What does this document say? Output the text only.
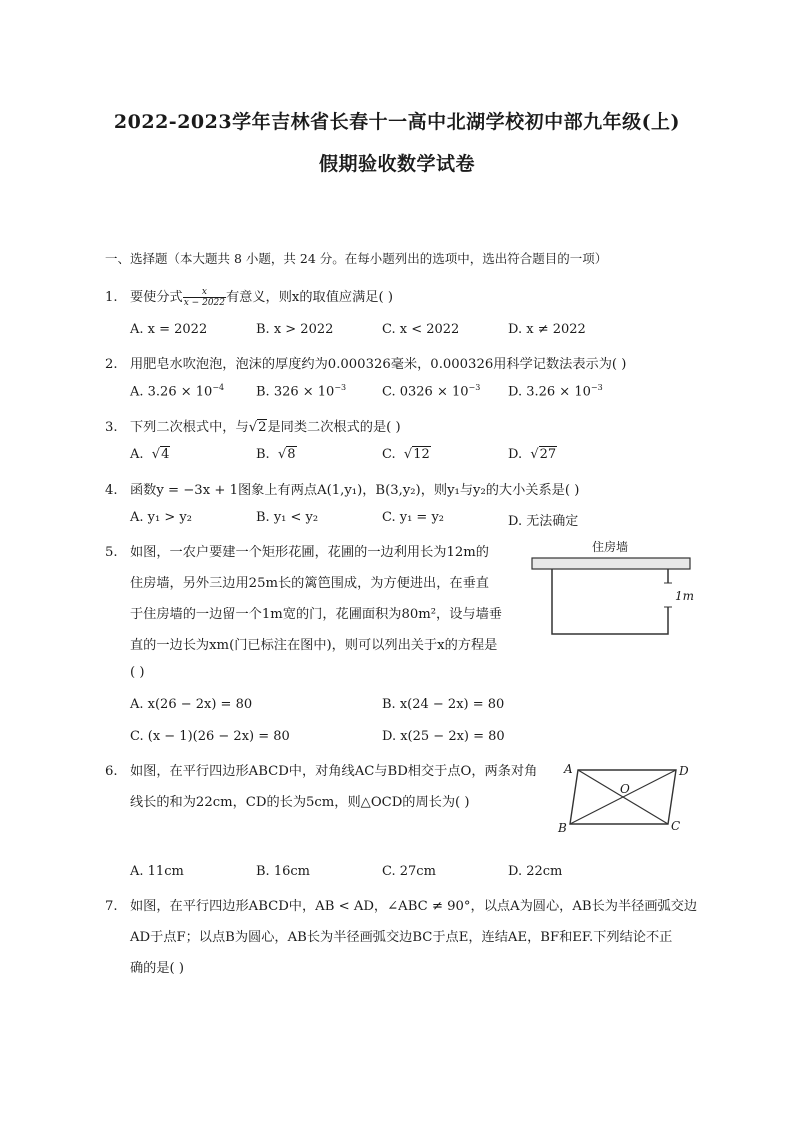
2022-2023学年吉林省长春十一高中北湖学校初中部九年级(上)
假期验收数学试卷
一、选择题（本大题共 8 小题，共 24 分。在每小题列出的选项中，选出符合题目的一项）
1. 要使分式 $\frac{x}{x - 2022}$ 有意义，则x的取值应满足( )
A. x = 2022	B. x > 2022	C. x < 2022	D. x ≠ 2022
2. 用肥皂水吹泡泡，泡沫的厚度约为0.000326毫米，0.000326用科学记数法表示为( )
A. $3.26 \times 10^{-4}$ B. $326 \times 10^{-3}$	C. $0326 \times 10^{-3}$ D. $3.26 \times 10^{-3}$
3. 下列二次根式中，与√2是同类二次根式的是( )
A. √4	B. √8	C. √12	D. √27
4. 函数y = −3x + 1图象上有两点A(1,y₁)，B(3,y₂)，则y₁与y₂的大小关系是( )
A. y₁ > y₂	B. y₁ < y₂	C. y₁ = y₂	D. 无法确定
5. 如图，一农户要建一个矩形花圃，花圃的一边利用长为12m的
住房墙，另外三边用25m长的篱笆围成，为方便进出，在垂直
于住房墙的一边留一个1m宽的门，花圃面积为80m²，设与墙垂
直的一边长为xm(门已标注在图中)，则可以列出关于x的方程是
( )
住房墙
1m
A. x(26 − 2x) = 80	B. x(24 − 2x) = 80
C. (x − 1)(26 − 2x) = 80	D. x(25 − 2x) = 80
6. 如图，在平行四边形ABCD中，对角线AC与BD相交于点O，两条对角
线长的和为22cm，CD的长为5cm，则△OCD的周长为( )
A	D
B	C
O
A. 11cm	B. 16cm	C. 27cm	D. 22cm
7. 如图，在平行四边形ABCD中，AB < AD，∠ABC ≠ 90°，以点A为圆心，AB长为半径画弧交边
AD于点F；以点B为圆心，AB长为半径画弧交边BC于点E，连结AE，BF和EF.下列结论不正
确的是( )
